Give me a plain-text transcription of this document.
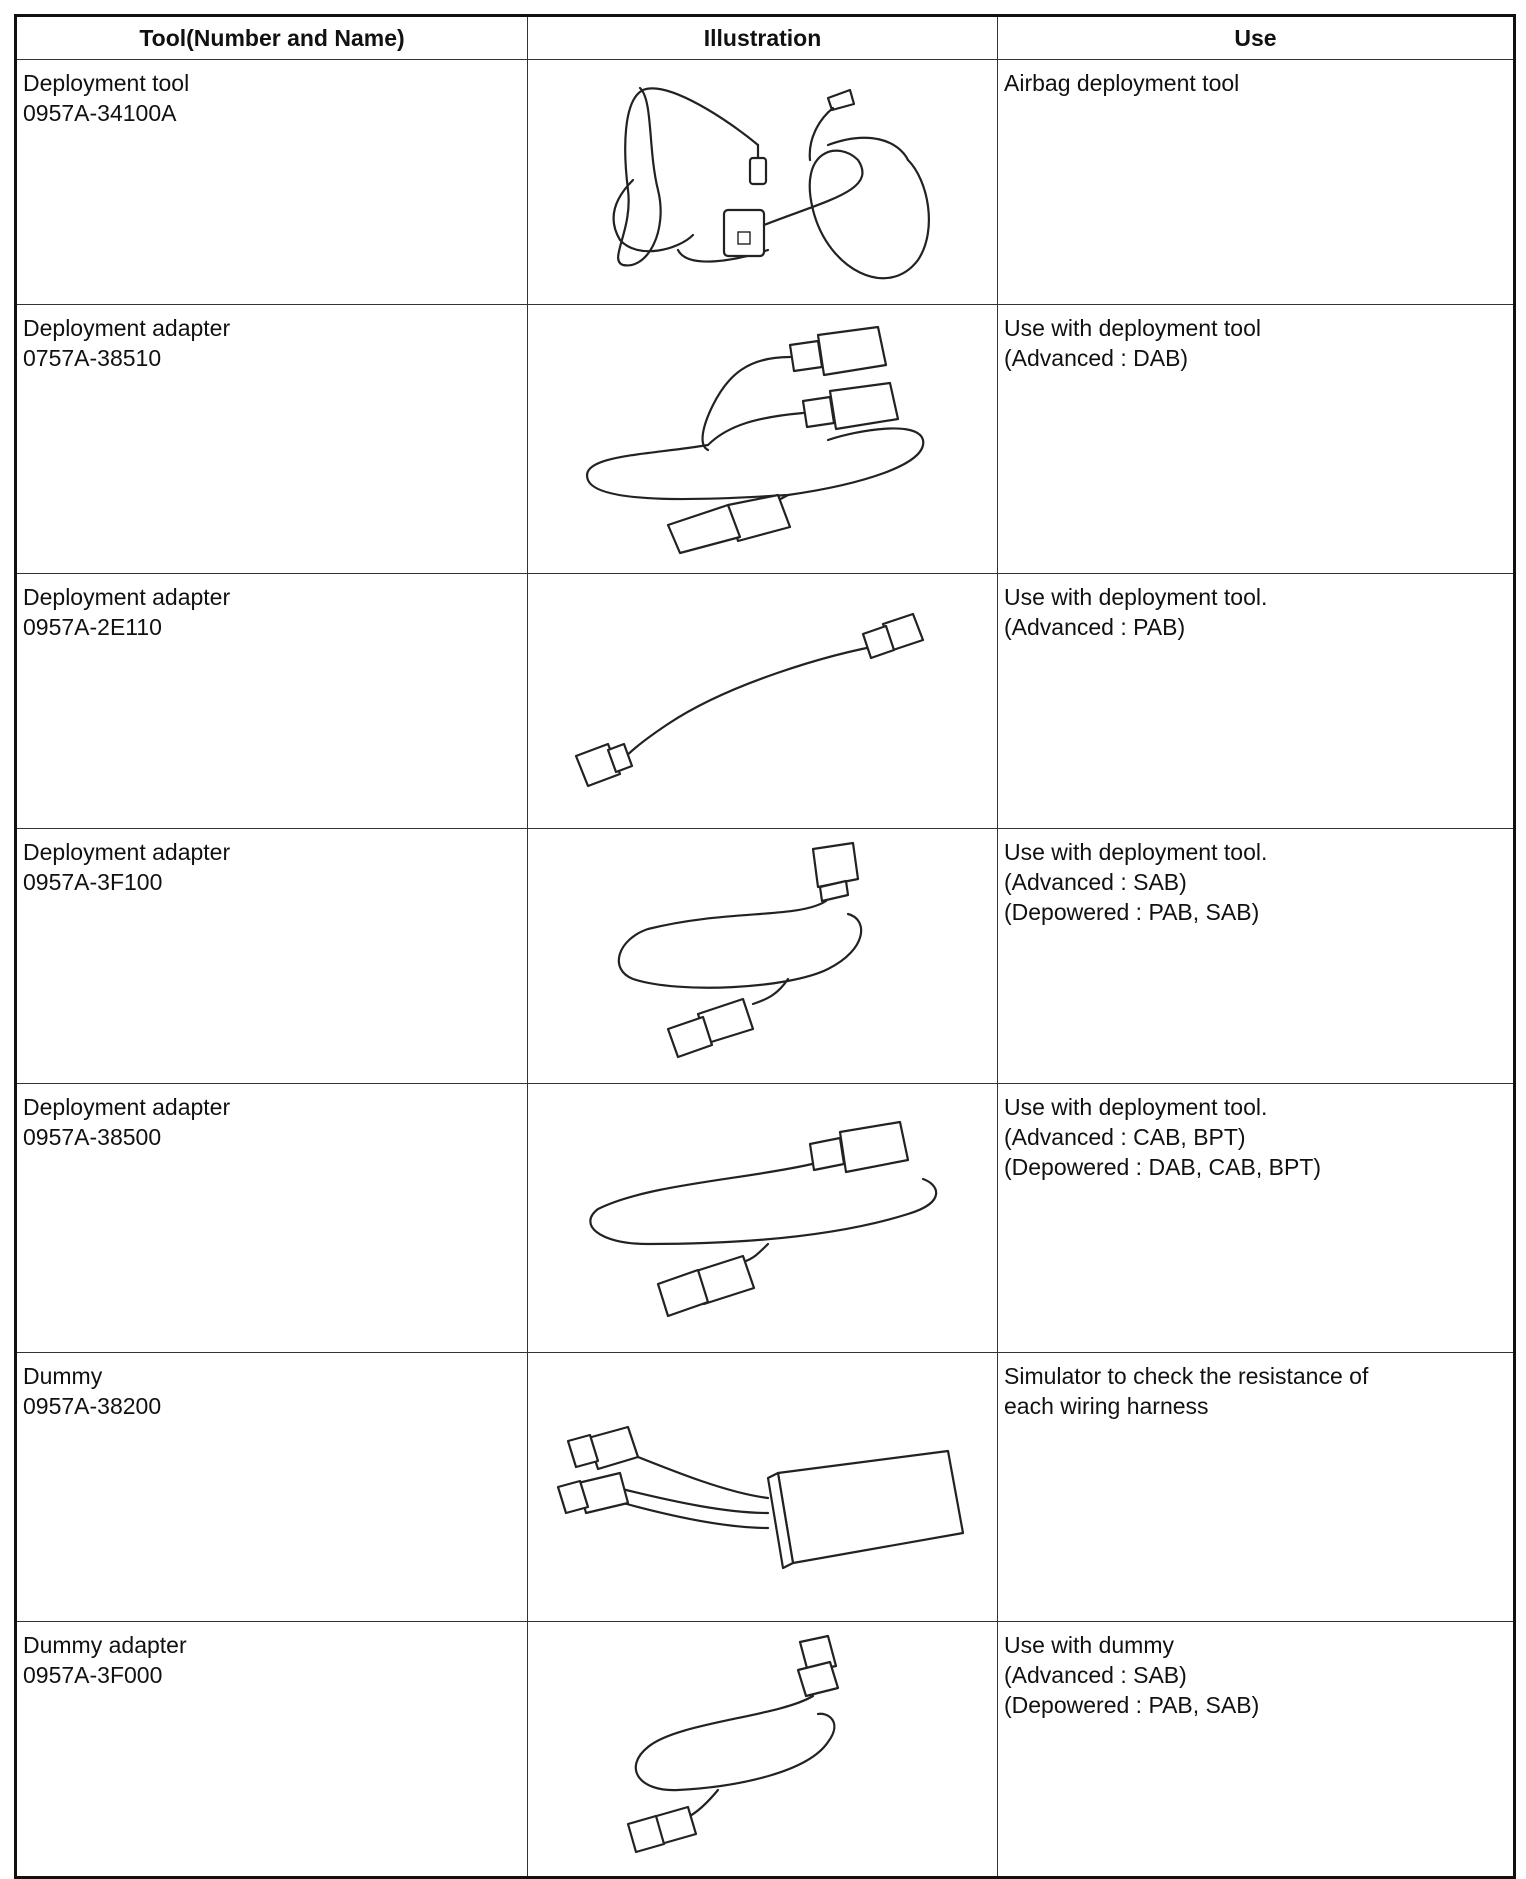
Tool(Number and Name)	Illustration	Use

Deployment tool
0957A-34100A		Airbag deployment tool

Deployment adapter
0757A-38510		Use with deployment tool
(Advanced : DAB)

Deployment adapter
0957A-2E110		Use with deployment tool.
(Advanced : PAB)

Deployment adapter
0957A-3F100		Use with deployment tool.
(Advanced : SAB)
(Depowered : PAB, SAB)

Deployment adapter
0957A-38500		Use with deployment tool.
(Advanced : CAB, BPT)
(Depowered : DAB, CAB, BPT)

Dummy
0957A-38200		Simulator to check the resistance of
each wiring harness

Dummy adapter
0957A-3F000		Use with dummy
(Advanced : SAB)
(Depowered : PAB, SAB)
